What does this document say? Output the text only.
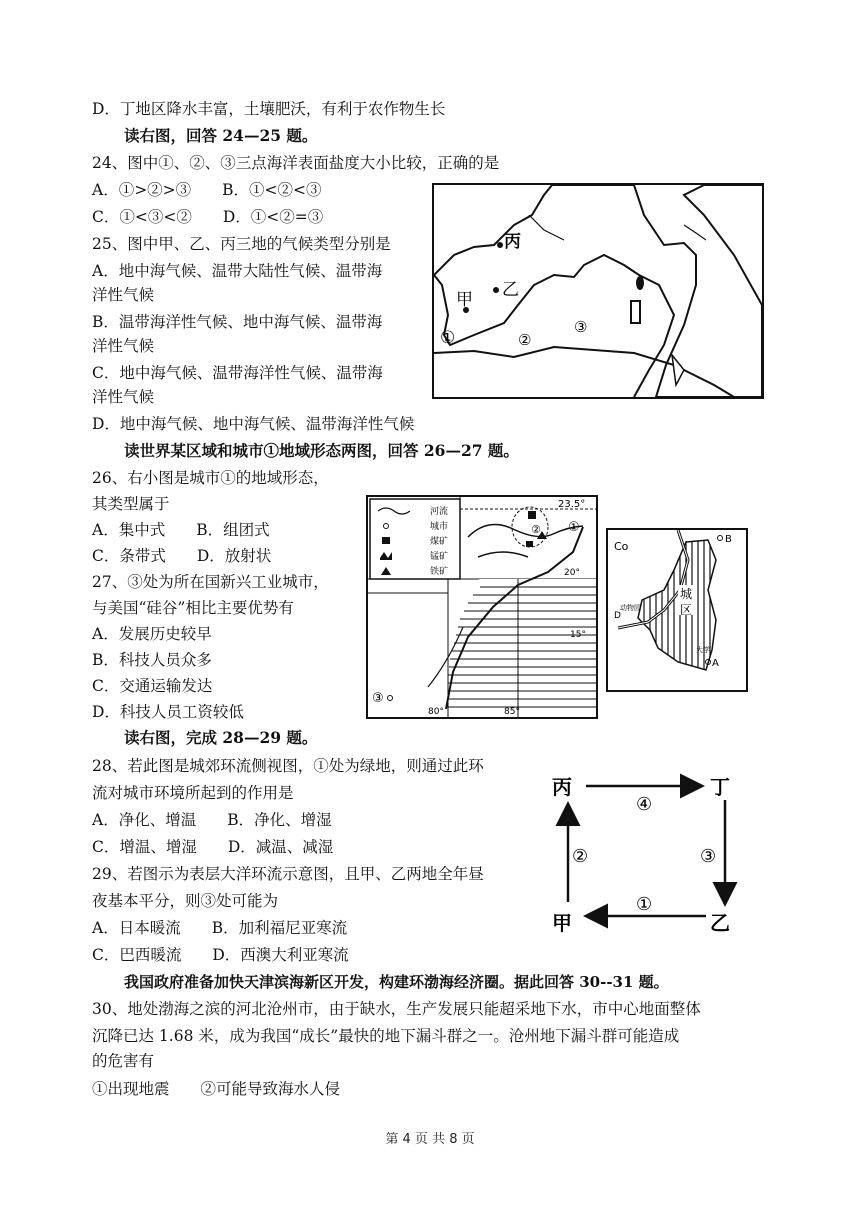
D．丁地区降水丰富，土壤肥沃，有利于农作物生长
读右图，回答 24—25 题。
24、图中①、②、③三点海洋表面盐度大小比较，正确的是
A．①>②>③　　B．①<②<③
C．①<③<②　　D．①<②=③
25、图中甲、乙、丙三地的气候类型分别是
A．地中海气候、温带大陆性气候、温带海
洋性气候
B．温带海洋性气候、地中海气候、温带海
洋性气候
C．地中海气候、温带海洋性气候、温带海
洋性气候
D．地中海气候、地中海气候、温带海洋性气候
读世界某区域和城市①地域形态两图，回答 26—27 题。
26、右小图是城市①的地域形态，
其类型属于
A．集中式　　B．组团式
C．条带式　　D．放射状
27、③处为所在国新兴工业城市，
与美国“硅谷”相比主要优势有
A．发展历史较早
B．科技人员众多
C．交通运输发达
D．科技人员工资较低
读右图，完成 28—29 题。
28、若此图是城郊环流侧视图，①处为绿地，则通过此环
流对城市环境所起到的作用是
A．净化、增温　　B．净化、增湿
C．增温、增湿　　D．减温、减湿
29、若图示为表层大洋环流示意图，且甲、乙两地全年昼
夜基本平分，则③处可能为
A．日本暖流　　B．加利福尼亚寒流
C．巴西暖流　　D．西澳大利亚寒流
我国政府准备加快天津滨海新区开发，构建环渤海经济圈。据此回答 30--31 题。
30、地处渤海之滨的河北沧州市，由于缺水，生产发展只能超采地下水，市中心地面整体
沉降已达 1.68 米，成为我国“成长”最快的地下漏斗群之一。沧州地下漏斗群可能造成
的危害有
①出现地震　　②可能导致海水人侵
丙
乙
甲
①	②
③
河流
城市
煤矿
锰矿
铁矿
23.5°
20°
15°
80°	85°
①
②
③
城
区
Co
B
A
D
动物园
大学
丙	丁
甲	乙
④
③
①
②
第 4 页 共 8 页
